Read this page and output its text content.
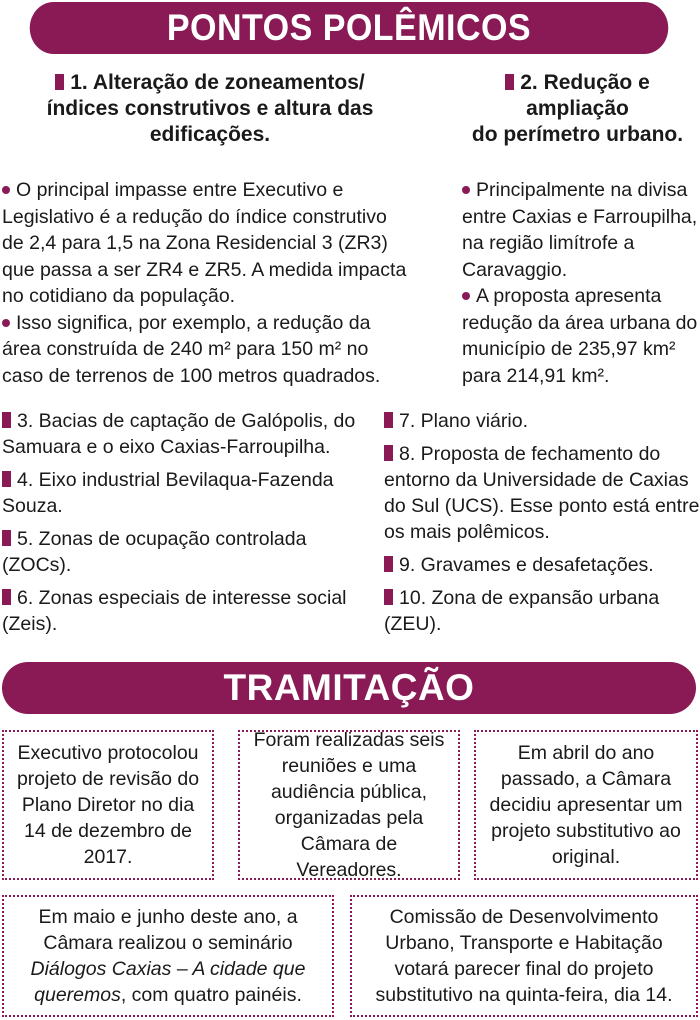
PONTOS POLÊMICOS
1. Alteração de zoneamentos/
índices construtivos e altura das
edificações.
2. Redução e
ampliação
do perímetro urbano.
O principal impasse entre Executivo e Legislativo é a redução do índice construtivo de 2,4 para 1,5 na Zona Residencial 3 (ZR3) que passa a ser ZR4 e ZR5. A medida impacta no cotidiano da população.
Isso significa, por exemplo, a redução da área construída de 240 m² para 150 m² no caso de terrenos de 100 metros quadrados.
Principalmente na divisa entre Caxias e Farroupilha, na região limítrofe a Caravaggio.
A proposta apresenta redução da área urbana do município de 235,97 km² para 214,91 km².
3. Bacias de captação de Galópolis, do Samuara e o eixo Caxias-Farroupilha.
4. Eixo industrial Bevilaqua-Fazenda Souza.
5. Zonas de ocupação controlada (ZOCs).
6. Zonas especiais de interesse social (Zeis).
7. Plano viário.
8. Proposta de fechamento do entorno da Universidade de Caxias do Sul (UCS). Esse ponto está entre os mais polêmicos.
9. Gravames e desafetações.
10. Zona de expansão urbana (ZEU).
TRAMITAÇÃO
Executivo protocolou projeto de revisão do Plano Diretor no dia 14 de dezembro de 2017.
Foram realizadas seis reuniões e uma audiência pública, organizadas pela Câmara de Vereadores.
Em abril do ano passado, a Câmara decidiu apresentar um projeto substitutivo ao original.
Em maio e junho deste ano, a Câmara realizou o seminário Diálogos Caxias – A cidade que queremos, com quatro painéis.
Comissão de Desenvolvimento Urbano, Transporte e Habitação votará parecer final do projeto substitutivo na quinta-feira, dia 14.
